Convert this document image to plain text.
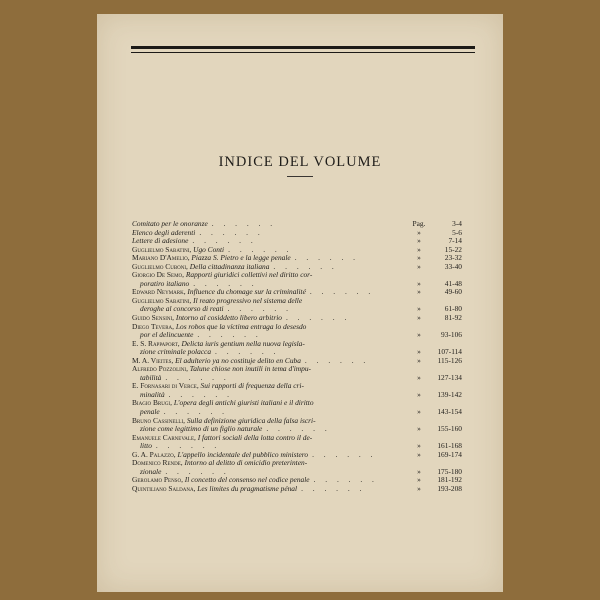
INDICE DEL VOLUME
Comitato per le onoranze . . . . . .	Pag.	3-4
Elenco degli aderenti . . . . . .	»	5-6
Lettere di adesione . . . . . .	»	7-14
Guglielmo Sabatini, Ugo Conti . . . . . .	»	15-22
Mariano D'Amelio, Piazza S. Pietro e la legge penale . . . . . .	»	23-32
Guglielmo Cuboni, Della cittadinanza italiana . . . . . .	»	33-40
Giorgio De Semo, Rapporti giuridici collettivi nel diritto cor-
poratiro italiano . . . . . .	»	41-48
Edward Neymark, Influence du chomage sur la criminalité . . . . . .	»	49-60
Guglielmo Sabatini, Il reato progressivo nel sistema delle
deroghe al concorso di reati . . . . . .	»	61-80
Guido Sensini, Intorno al cosiddetto libero arbitrio . . . . . .	»	81-92
Diego Tevera, Los robos que la víctima entraga lo desesdo
por el delincuente . . . . . .	»	93-106
E. S. Rappaport, Delicta iuris gentium nella nuova legisla-
zione criminale polacca . . . . . .	» 107-114
M. A. Vieites, El adulterio ya no costituje delito en Cuba . . . . . .	» 115-126
Alfredo Pozzolini, Talune chiose non inutili in tema d'impu-
tabilità . . . . . .	» 127-134
E. Fornasari di Verce, Sui rapporti di frequenza della cri-
minalità . . . . . .	» 139-142
Biagio Brugi, L'opera degli antichi giuristi italiani e il diritto
penale . . . . . .	» 143-154
Bruno Cassinelli, Sulla definizione giuridica della falsa iscri-
zione come legittimo di un figlio naturale . . . . . .	» 155-160
Emanuele Carnevale, I fattori sociali della lotta contro il de-
litto . . . . . .	» 161-168
G. A. Palazzo, L'appello incidentale del pubblico ministero . . . . . .	» 169-174
Domenico Rende, Intorno al delitto di omicidio preterinten-
zionale . . . . . .	» 175-180
Gerolamo Penso, Il concetto del consenso nel codice penale . . . . . .	» 181-192
Quintiliano Saldana, Les limites du pragmatisme pénal . . . . . .	» 193-208
